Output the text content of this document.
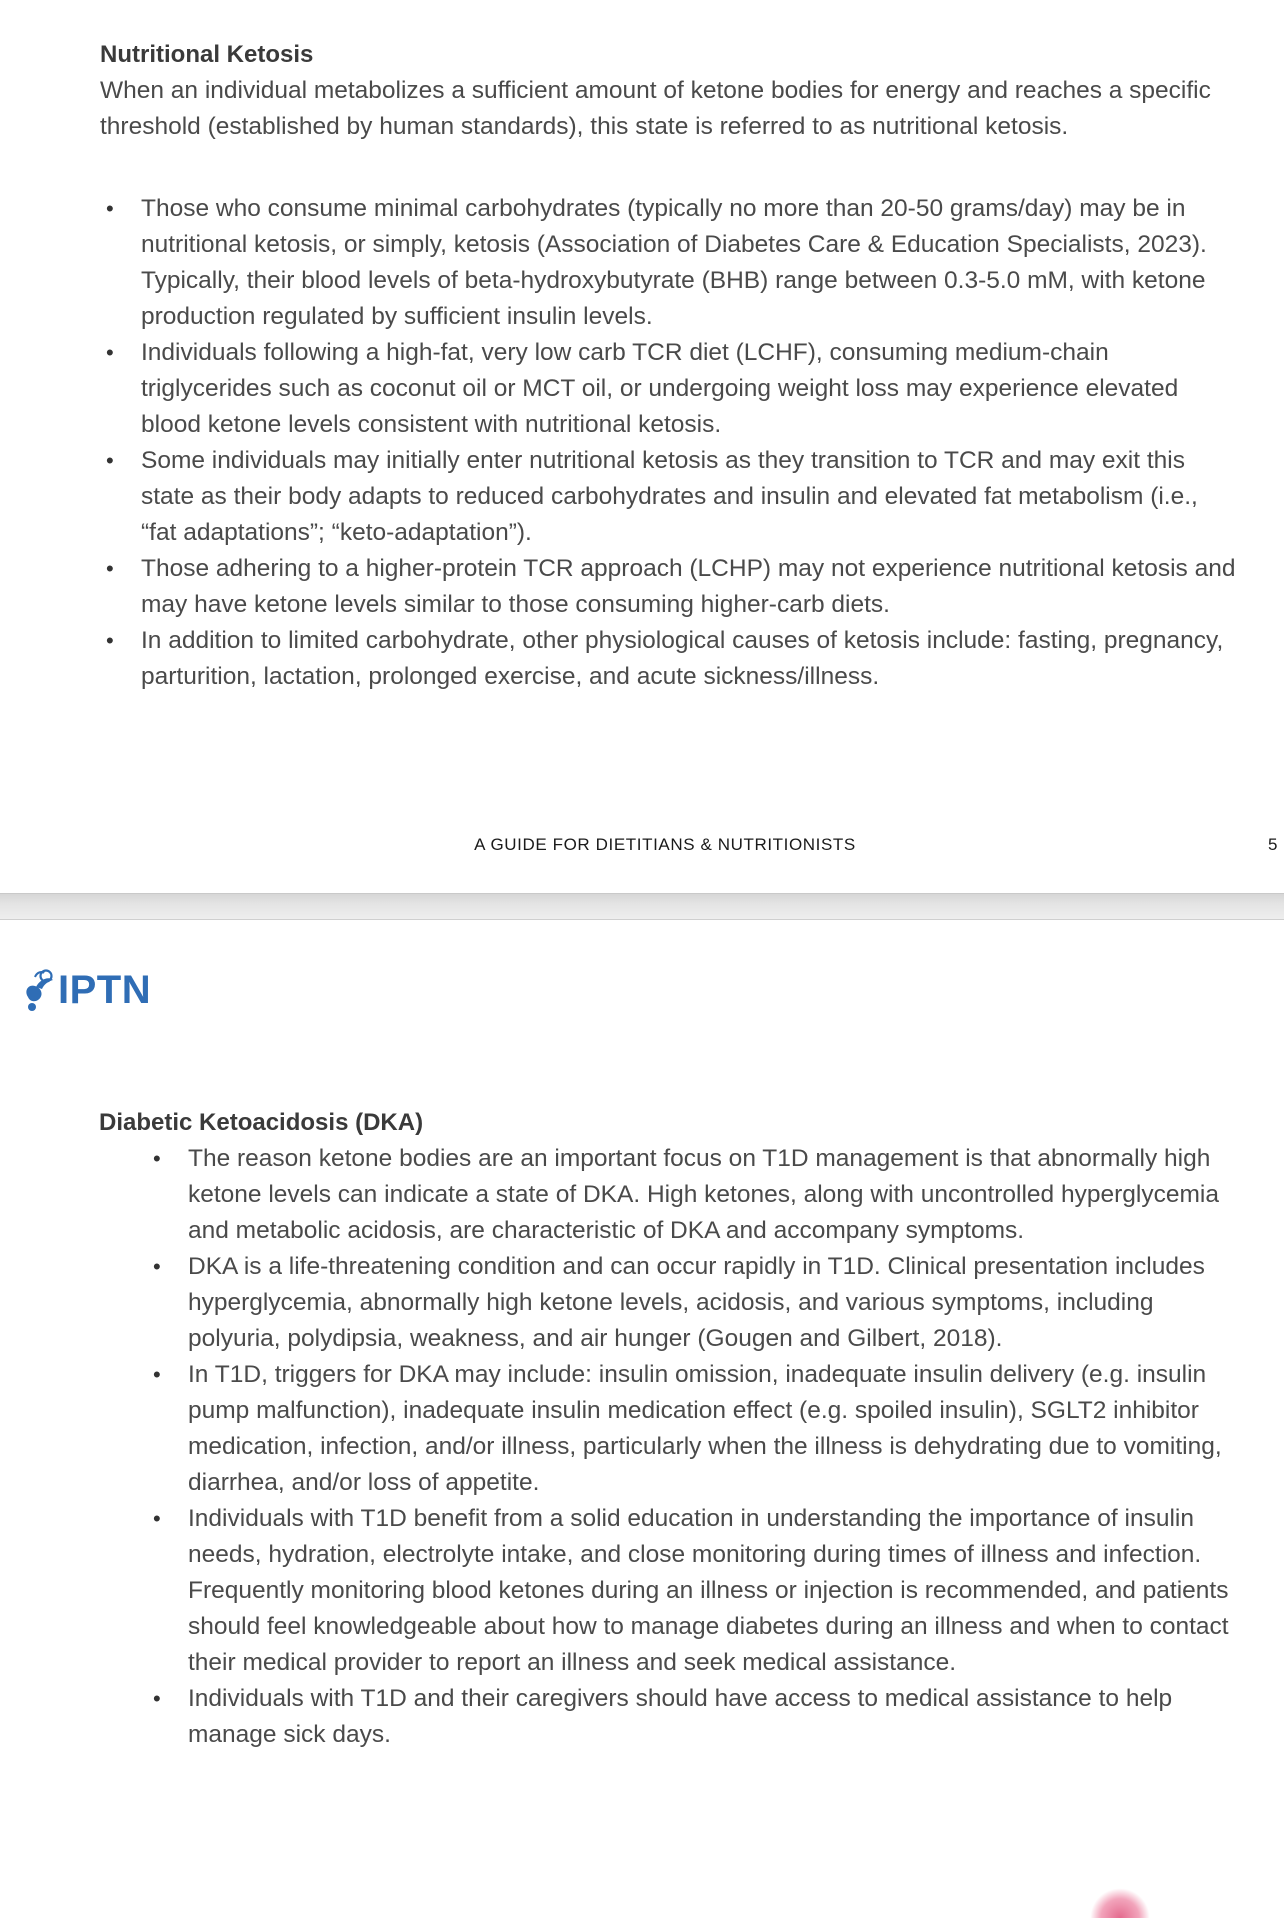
Nutritional Ketosis

When an individual metabolizes a sufficient amount of ketone bodies for energy and reaches a specific threshold (established by human standards), this state is referred to as nutritional ketosis.

• Those who consume minimal carbohydrates (typically no more than 20-50 grams/day) may be in nutritional ketosis, or simply, ketosis (Association of Diabetes Care & Education Specialists, 2023). Typically, their blood levels of beta-hydroxybutyrate (BHB) range between 0.3-5.0 mM, with ketone production regulated by sufficient insulin levels.
• Individuals following a high-fat, very low carb TCR diet (LCHF), consuming medium-chain triglycerides such as coconut oil or MCT oil, or undergoing weight loss may experience elevated blood ketone levels consistent with nutritional ketosis.
• Some individuals may initially enter nutritional ketosis as they transition to TCR and may exit this state as their body adapts to reduced carbohydrates and insulin and elevated fat metabolism (i.e., “fat adaptations”; “keto-adaptation”).
• Those adhering to a higher-protein TCR approach (LCHP) may not experience nutritional ketosis and may have ketone levels similar to those consuming higher-carb diets.
• In addition to limited carbohydrate, other physiological causes of ketosis include: fasting, pregnancy, parturition, lactation, prolonged exercise, and acute sickness/illness.
A GUIDE FOR DIETITIANS & NUTRITIONISTS	5
IPTN
Diabetic Ketoacidosis (DKA)
• The reason ketone bodies are an important focus on T1D management is that abnormally high ketone levels can indicate a state of DKA. High ketones, along with uncontrolled hyperglycemia and metabolic acidosis, are characteristic of DKA and accompany symptoms.
• DKA is a life-threatening condition and can occur rapidly in T1D. Clinical presentation includes hyperglycemia, abnormally high ketone levels, acidosis, and various symptoms, including polyuria, polydipsia, weakness, and air hunger (Gougen and Gilbert, 2018).
• In T1D, triggers for DKA may include: insulin omission, inadequate insulin delivery (e.g. insulin pump malfunction), inadequate insulin medication effect (e.g. spoiled insulin), SGLT2 inhibitor medication, infection, and/or illness, particularly when the illness is dehydrating due to vomiting, diarrhea, and/or loss of appetite.
• Individuals with T1D benefit from a solid education in understanding the importance of insulin needs, hydration, electrolyte intake, and close monitoring during times of illness and infection. Frequently monitoring blood ketones during an illness or injection is recommended, and patients should feel knowledgeable about how to manage diabetes during an illness and when to contact their medical provider to report an illness and seek medical assistance.
• Individuals with T1D and their caregivers should have access to medical assistance to help manage sick days.
